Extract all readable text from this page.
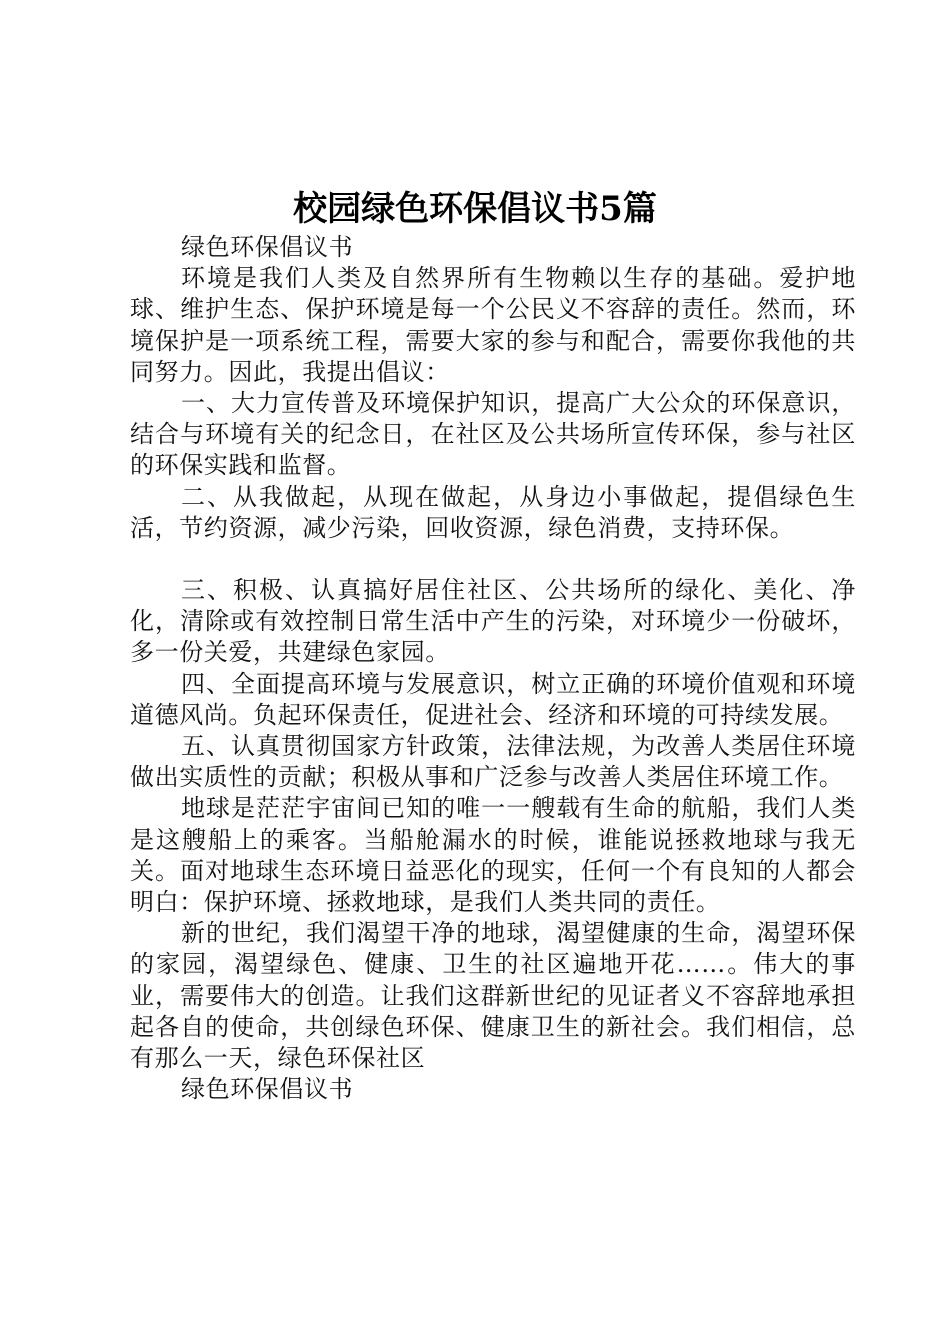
校园绿色环保倡议书5篇

绿色环保倡议书

环境是我们人类及自然界所有生物赖以生存的基础。爱护地球、维护生态、保护环境是每一个公民义不容辞的责任。然而，环境保护是一项系统工程，需要大家的参与和配合，需要你我他的共同努力。因此，我提出倡议：

一、大力宣传普及环境保护知识，提高广大公众的环保意识，结合与环境有关的纪念日，在社区及公共场所宣传环保，参与社区的环保实践和监督。

二、从我做起，从现在做起，从身边小事做起，提倡绿色生活，节约资源，减少污染，回收资源，绿色消费，支持环保。

三、积极、认真搞好居住社区、公共场所的绿化、美化、净化，清除或有效控制日常生活中产生的污染，对环境少一份破坏，多一份关爱，共建绿色家园。

四、全面提高环境与发展意识，树立正确的环境价值观和环境道德风尚。负起环保责任，促进社会、经济和环境的可持续发展。

五、认真贯彻国家方针政策，法律法规，为改善人类居住环境做出实质性的贡献；积极从事和广泛参与改善人类居住环境工作。

地球是茫茫宇宙间已知的唯一一艘载有生命的航船，我们人类是这艘船上的乘客。当船舱漏水的时候，谁能说拯救地球与我无关。面对地球生态环境日益恶化的现实，任何一个有良知的人都会明白：保护环境、拯救地球，是我们人类共同的责任。

新的世纪，我们渴望干净的地球，渴望健康的生命，渴望环保的家园，渴望绿色、健康、卫生的社区遍地开花……。伟大的事业，需要伟大的创造。让我们这群新世纪的见证者义不容辞地承担起各自的使命，共创绿色环保、健康卫生的新社会。我们相信，总有那么一天，绿色环保社区

绿色环保倡议书
